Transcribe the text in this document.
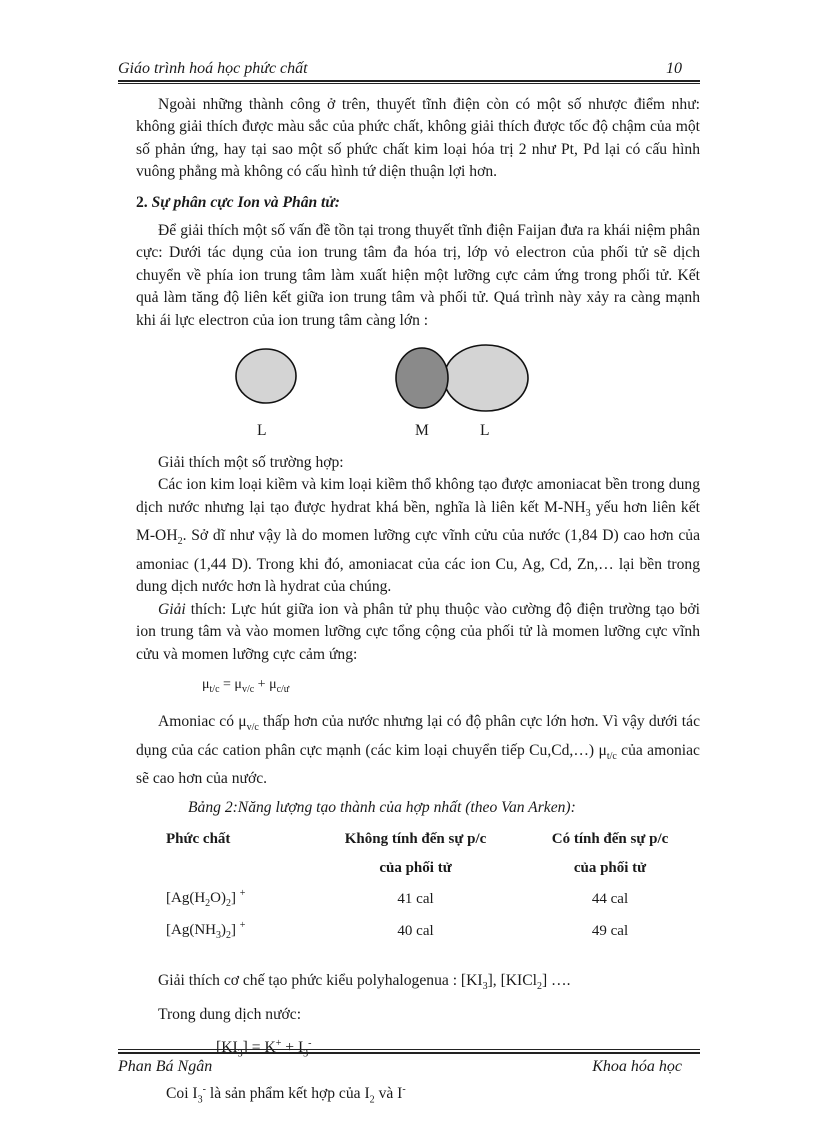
Giáo trình hoá học phức chất	10

Ngoài những thành công ở trên, thuyết tĩnh điện còn có một số nhược điểm như: không giải thích được màu sắc của phức chất, không giải thích được tốc độ chậm của một số phản ứng, hay tại sao một số phức chất kim loại hóa trị 2 như Pt, Pd lại có cấu hình vuông phẳng mà không có cấu hình tứ diện thuận lợi hơn.

2. Sự phân cực Ion và Phân tử:

Để giải thích một số vấn đề tồn tại trong thuyết tĩnh điện Faijan đưa ra khái niệm phân cực: Dưới tác dụng của ion trung tâm đa hóa trị, lớp vỏ electron của phối tử sẽ dịch chuyển về phía ion trung tâm làm xuất hiện một lưỡng cực cảm ứng trong phối tử. Kết quả làm tăng độ liên kết giữa ion trung tâm và phối tử. Quá trình này xảy ra càng mạnh khi ái lực electron của ion trung tâm càng lớn :

L	M	L

Giải thích một số trường hợp:

Các ion kim loại kiềm và kim loại kiềm thổ không tạo được amoniacat bền trong dung dịch nước nhưng lại tạo được hydrat khá bền, nghĩa là liên kết $M-NH_3$ yếu hơn liên kết $M-OH_2$. Sở dĩ như vậy là do momen lưỡng cực vĩnh cửu của nước (1,84 D) cao hơn của amoniac (1,44 D). Trong khi đó, amoniacat của các ion Cu, Ag, Cd, Zn,… lại bền trong dung dịch nước hơn là hydrat của chúng.

Giải thích: Lực hút giữa ion và phân tử phụ thuộc vào cường độ điện trường tạo bởi ion trung tâm và vào momen lưỡng cực tổng cộng của phối tử là momen lưỡng cực vĩnh cửu và momen lưỡng cực cảm ứng:

$\mu_{t/c} = \mu_{v/c} + \mu_{c/ư}$

Amoniac có $\mu_{v/c}$ thấp hơn của nước nhưng lại có độ phân cực lớn hơn. Vì vậy dưới tác dụng của các cation phân cực mạnh (các kim loại chuyển tiếp Cu,Cd,…) $\mu_{t/c}$ của amoniac sẽ cao hơn của nước.

Bảng 2:Năng lượng tạo thành của hợp nhất (theo Van Arken):

Phức chất	Không tính đến sự p/c	Có tính đến sự p/c
	của phối tử	của phối tử
$[Ag(H_2O)_2]$ +	41 cal	44 cal
$[Ag(NH_3)_2]$ +	40 cal	49 cal

Giải thích cơ chế tạo phức kiểu polyhalogenua : $[KI_3]$, [KICl$_2$] ….

Trong dung dịch nước:

$[KI_3] = K^+ + I_3^-$

Coi $I_3^-$ là sản phẩm kết hợp của $I_2$ và I-

Phan Bá Ngân	Khoa hóa học
